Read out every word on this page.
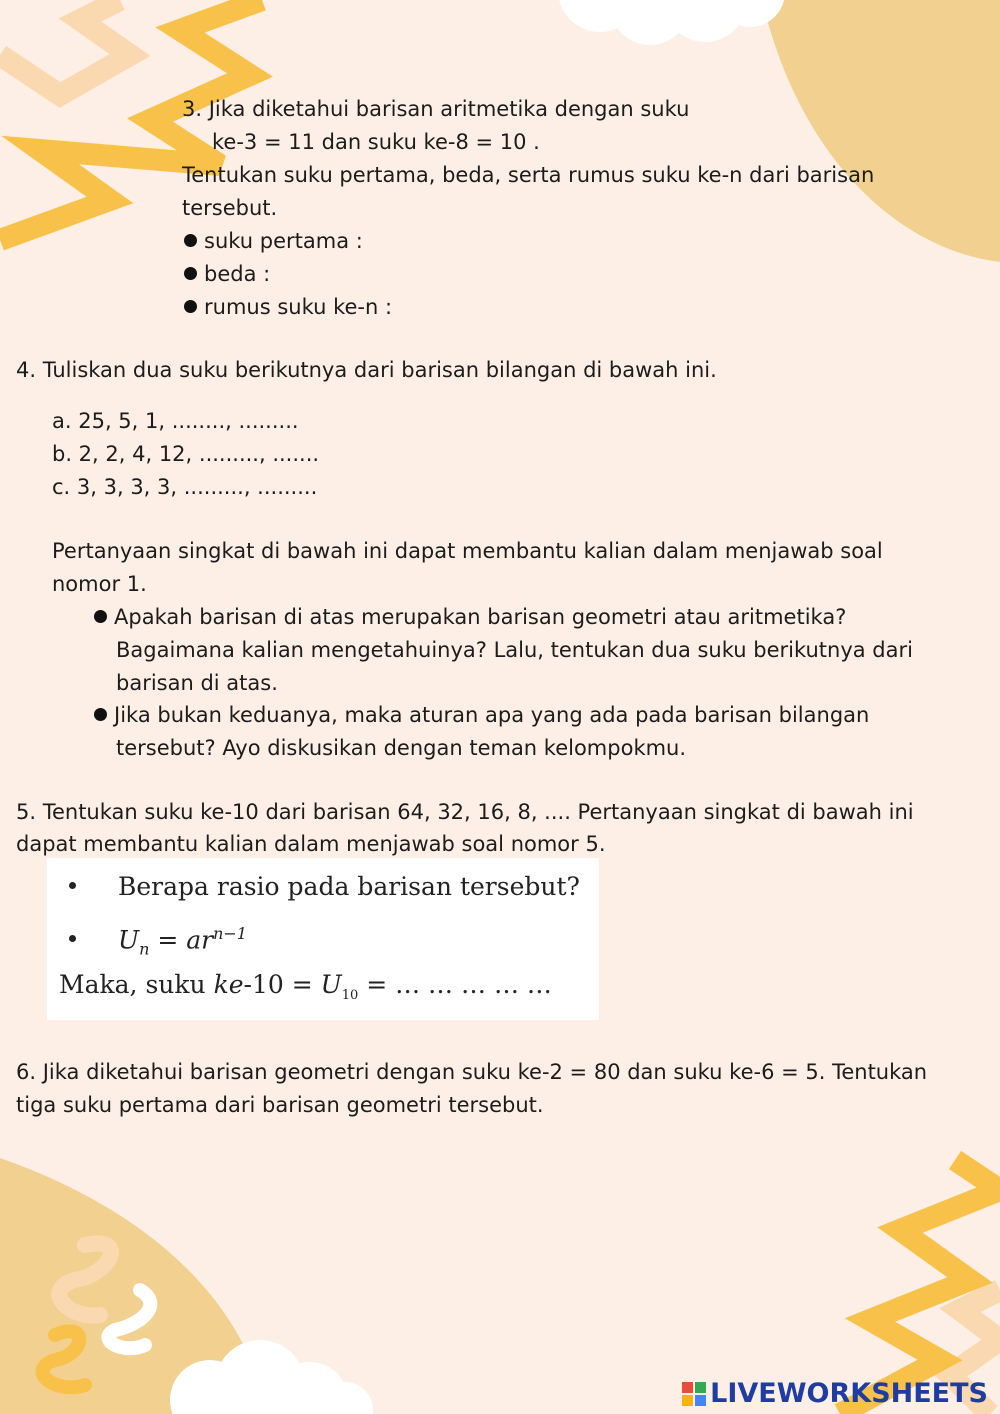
3. Jika diketahui barisan aritmetika dengan suku

ke-3 = 11 dan suku ke-8 = 10 .

Tentukan suku pertama, beda, serta rumus suku ke-n dari barisan

tersebut.

suku pertama :

beda :

rumus suku ke-n :

4. Tuliskan dua suku berikutnya dari barisan bilangan di bawah ini.

a. 25, 5, 1, ........, .........

b. 2, 2, 4, 12, ........., .......

c. 3, 3, 3, 3, ........., .........

Pertanyaan singkat di bawah ini dapat membantu kalian dalam menjawab soal

nomor 1.

Apakah barisan di atas merupakan barisan geometri atau aritmetika?

Bagaimana kalian mengetahuinya? Lalu, tentukan dua suku berikutnya dari

barisan di atas.

Jika bukan keduanya, maka aturan apa yang ada pada barisan bilangan

tersebut? Ayo diskusikan dengan teman kelompokmu.

5. Tentukan suku ke-10 dari barisan 64, 32, 16, 8, .... Pertanyaan singkat di bawah ini

dapat membantu kalian dalam menjawab soal nomor 5.

Berapa rasio pada barisan tersebut?
$U_n = ar^{n-1}$
Maka, suku $ke-10 = U_{10}$ = … … … … …

6. Jika diketahui barisan geometri dengan suku ke-2 = 80 dan suku ke-6 = 5. Tentukan

tiga suku pertama dari barisan geometri tersebut.

LIVEWORKSHEETS
